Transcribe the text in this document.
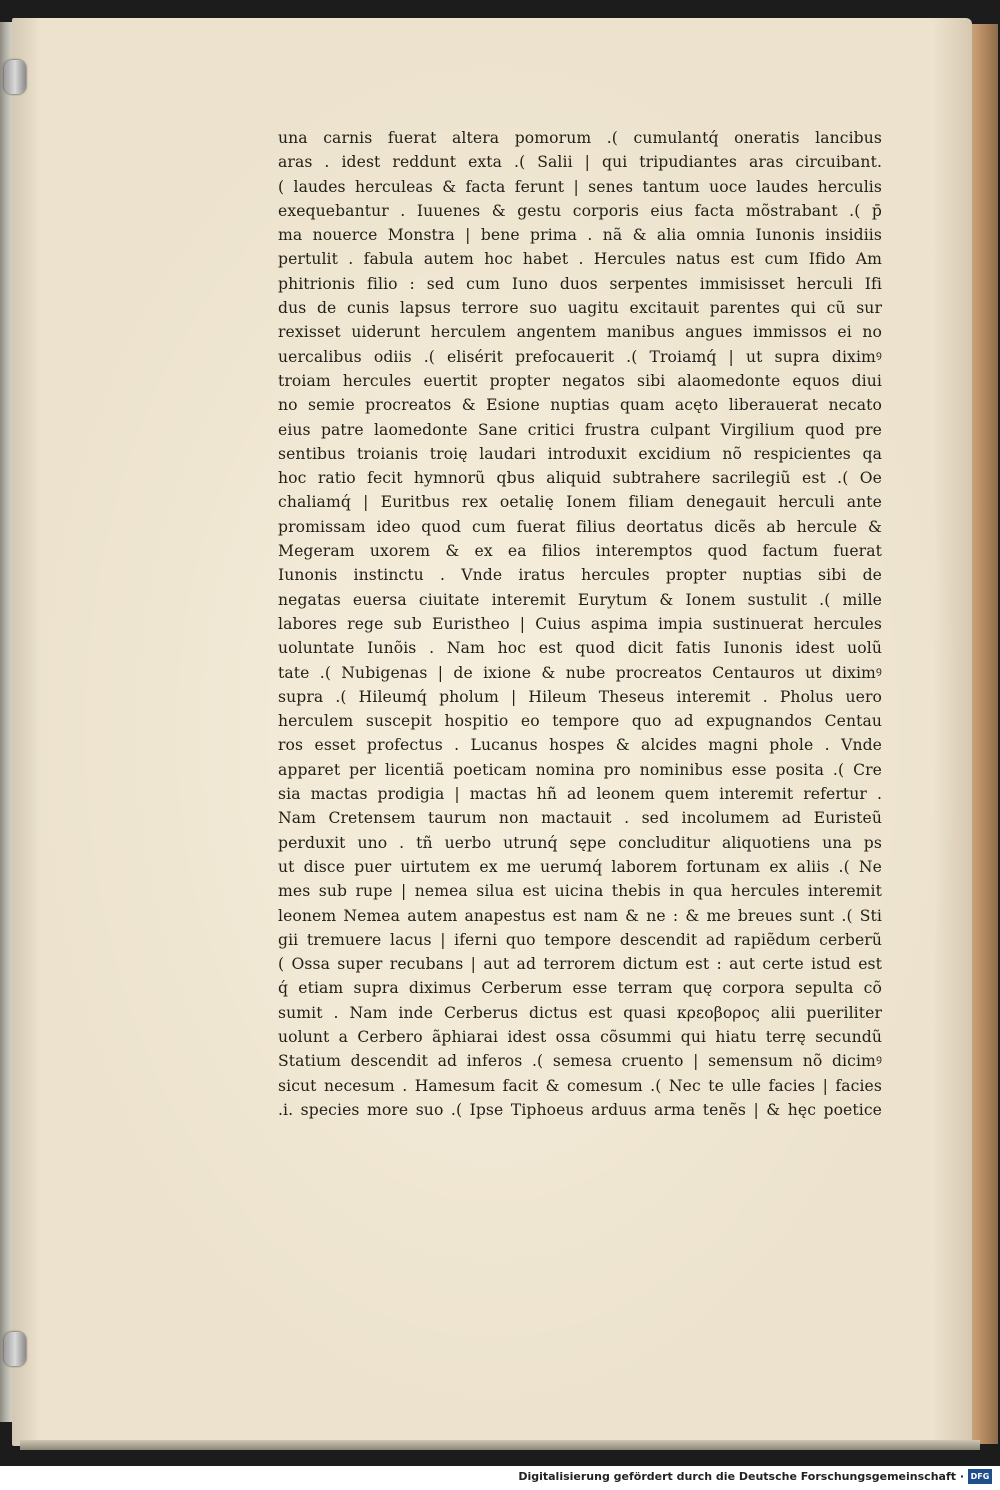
una carnis fuerat altera pomorum .( cumulantq́ oneratis lancibus
aras . idest reddunt exta .( Salii | qui tripudiantes aras circuibant.
( laudes herculeas & facta ferunt | senes tantum uoce laudes herculis
exequebantur . Iuuenes & gestu corporis eius facta mõstrabant .( p̄
ma nouerce Monstra | bene prima . nã & alia omnia Iunonis insidiis
pertulit . fabula autem hoc habet . Hercules natus est cum Ifido Am
phitrionis filio : sed cum Iuno duos serpentes immisisset herculi Ifi
dus de cunis lapsus terrore suo uagitu excitauit parentes qui cũ sur
rexisset uiderunt herculem angentem manibus angues immissos ei no
uercalibus odiis .( elisérit prefocauerit .( Troiamq́ | ut supra diximꝰ
troiam hercules euertit propter negatos sibi alaomedonte equos diui
no semie procreatos & Esione nuptias quam acęto liberauerat necato
eius patre laomedonte Sane critici frustra culpant Virgilium quod pre
sentibus troianis troię laudari introduxit excidium nõ respicientes qa
hoc ratio fecit hymnorũ qbus aliquid subtrahere sacrilegiũ est .( Oe
chaliamq́ | Euritbus rex oetalię Ionem filiam denegauit herculi ante
promissam ideo quod cum fuerat filius deortatus dicẽs ab hercule &
Megeram uxorem & ex ea filios interemptos quod factum fuerat
Iunonis instinctu . Vnde iratus hercules propter nuptias sibi de
negatas euersa ciuitate interemit Eurytum & Ionem sustulit .( mille
labores rege sub Euristheo | Cuius aspima impia sustinuerat hercules
uoluntate Iunõis . Nam hoc est quod dicit fatis Iunonis idest uolũ
tate .( Nubigenas | de ixione & nube procreatos Centauros ut diximꝰ
supra .( Hileumq́ pholum | Hileum Theseus interemit . Pholus uero
herculem suscepit hospitio eo tempore quo ad expugnandos Centau
ros esset profectus . Lucanus hospes & alcides magni phole . Vnde
apparet per licentiã poeticam nomina pro nominibus esse posita .( Cre
sia mactas prodigia | mactas hñ ad leonem quem interemit refertur .
Nam Cretensem taurum non mactauit . sed incolumem ad Euristeũ
perduxit uno . tñ uerbo utrunq́ sępe concluditur aliquotiens una ps
ut disce puer uirtutem ex me uerumq́ laborem fortunam ex aliis .( Ne
mes sub rupe | nemea silua est uicina thebis in qua hercules interemit
leonem Nemea autem anapestus est nam & ne : & me breues sunt .( Sti
gii tremuere lacus | iferni quo tempore descendit ad rapiẽdum cerberũ
( Ossa super recubans | aut ad terrorem dictum est : aut certe istud est
q́ etiam supra diximus Cerberum esse terram quę corpora sepulta cõ
sumit . Nam inde Cerberus dictus est quasi κρεοβορος alii pueriliter
uolunt a Cerbero ãphiarai idest ossa cõsummi qui hiatu terrę secundũ
Statium descendit ad inferos .( semesa cruento | semensum nõ dicimꝰ
sicut necesum . Hamesum facit & comesum .( Nec te ulle facies | facies
.i. species more suo .( Ipse Tiphoeus arduus arma tenẽs | & hęc poetice
Digitalisierung gefördert durch die Deutsche Forschungsgemeinschaft · DFG
